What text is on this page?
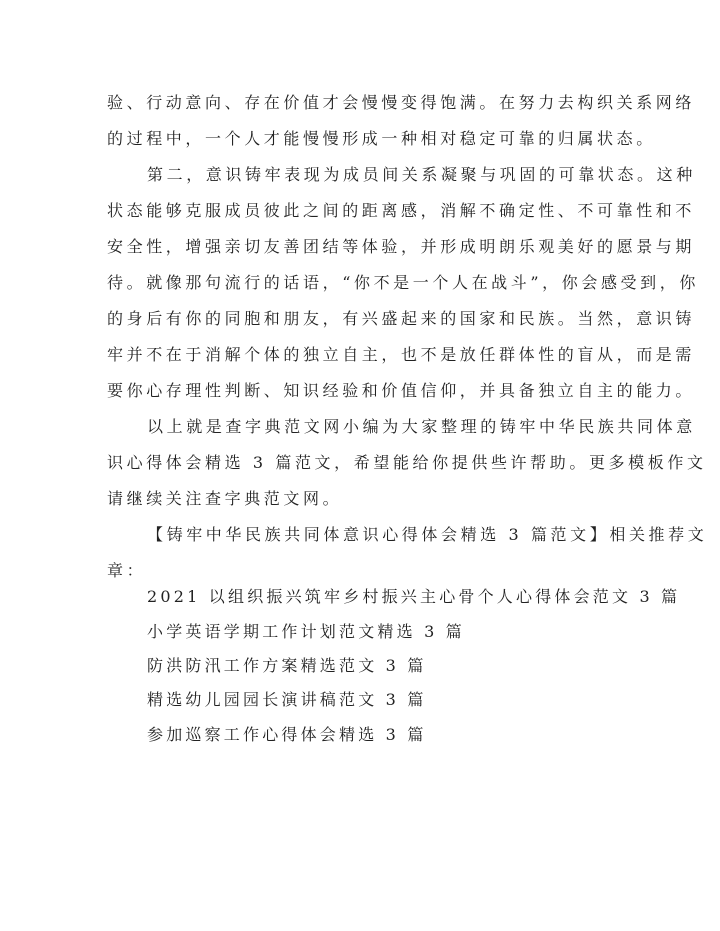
验、行动意向、存在价值才会慢慢变得饱满。在努力去构织关系网络
的过程中，一个人才能慢慢形成一种相对稳定可靠的归属状态。
第二，意识铸牢表现为成员间关系凝聚与巩固的可靠状态。这种
状态能够克服成员彼此之间的距离感，消解不确定性、不可靠性和不
安全性，增强亲切友善团结等体验，并形成明朗乐观美好的愿景与期
待。就像那句流行的话语，“你不是一个人在战斗”，你会感受到，你
的身后有你的同胞和朋友，有兴盛起来的国家和民族。当然，意识铸
牢并不在于消解个体的独立自主，也不是放任群体性的盲从，而是需
要你心存理性判断、知识经验和价值信仰，并具备独立自主的能力。
以上就是查字典范文网小编为大家整理的铸牢中华民族共同体意
识心得体会精选 3 篇范文，希望能给你提供些许帮助。更多模板作文
请继续关注查字典范文网。
【铸牢中华民族共同体意识心得体会精选 3 篇范文】相关推荐文
章：
2021 以组织振兴筑牢乡村振兴主心骨个人心得体会范文 3 篇
小学英语学期工作计划范文精选 3 篇
防洪防汛工作方案精选范文 3 篇
精选幼儿园园长演讲稿范文 3 篇
参加巡察工作心得体会精选 3 篇
